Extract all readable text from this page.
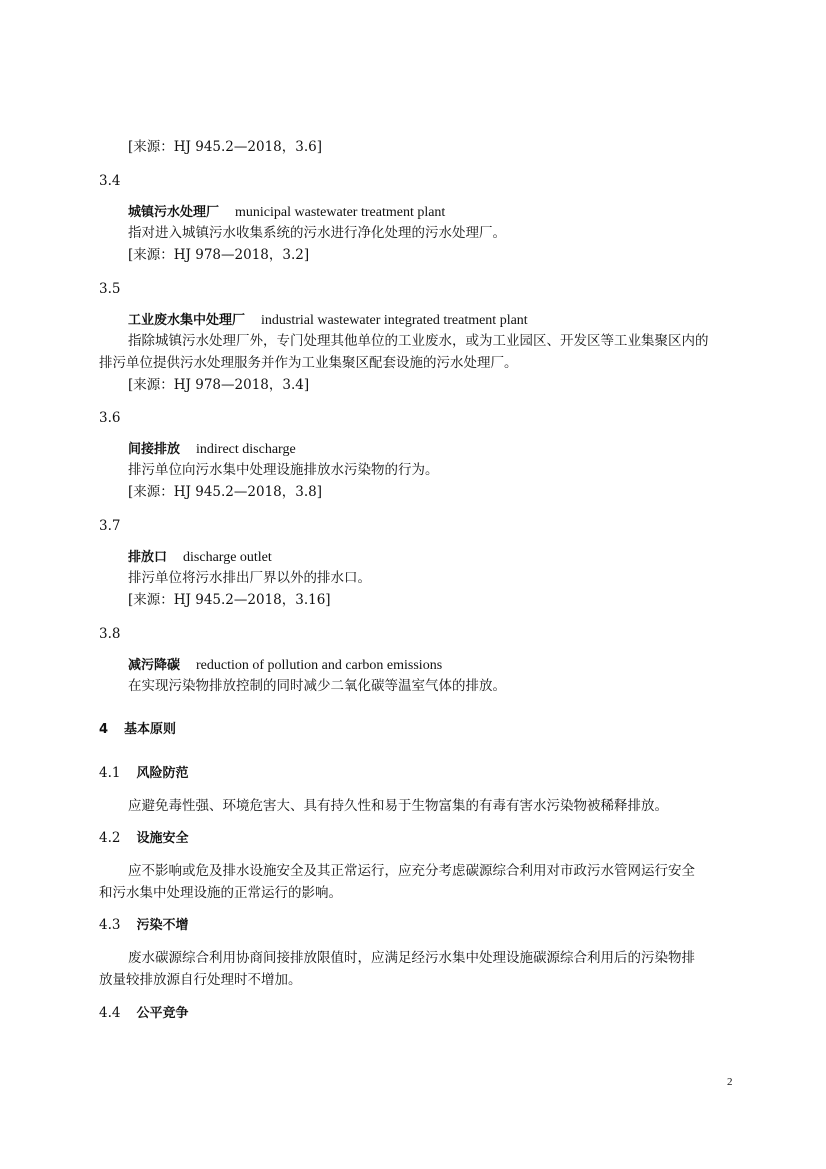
[来源：HJ 945.2—2018，3.6]
3.4
城镇污水处理厂 municipal wastewater treatment plant
指对进入城镇污水收集系统的污水进行净化处理的污水处理厂。
[来源：HJ 978—2018，3.2]
3.5
工业废水集中处理厂 industrial wastewater integrated treatment plant
指除城镇污水处理厂外，专门处理其他单位的工业废水，或为工业园区、开发区等工业集聚区内的
排污单位提供污水处理服务并作为工业集聚区配套设施的污水处理厂。
[来源：HJ 978—2018，3.4]
3.6
间接排放 indirect discharge
排污单位向污水集中处理设施排放水污染物的行为。
[来源：HJ 945.2—2018，3.8]
3.7
排放口 discharge outlet
排污单位将污水排出厂界以外的排水口。
[来源：HJ 945.2—2018，3.16]
3.8
减污降碳 reduction of pollution and carbon emissions
在实现污染物排放控制的同时减少二氧化碳等温室气体的排放。
4 基本原则
4.1 风险防范
应避免毒性强、环境危害大、具有持久性和易于生物富集的有毒有害水污染物被稀释排放。
4.2 设施安全
应不影响或危及排水设施安全及其正常运行，应充分考虑碳源综合利用对市政污水管网运行安全
和污水集中处理设施的正常运行的影响。
4.3 污染不增
废水碳源综合利用协商间接排放限值时，应满足经污水集中处理设施碳源综合利用后的污染物排
放量较排放源自行处理时不增加。
4.4 公平竞争
2
